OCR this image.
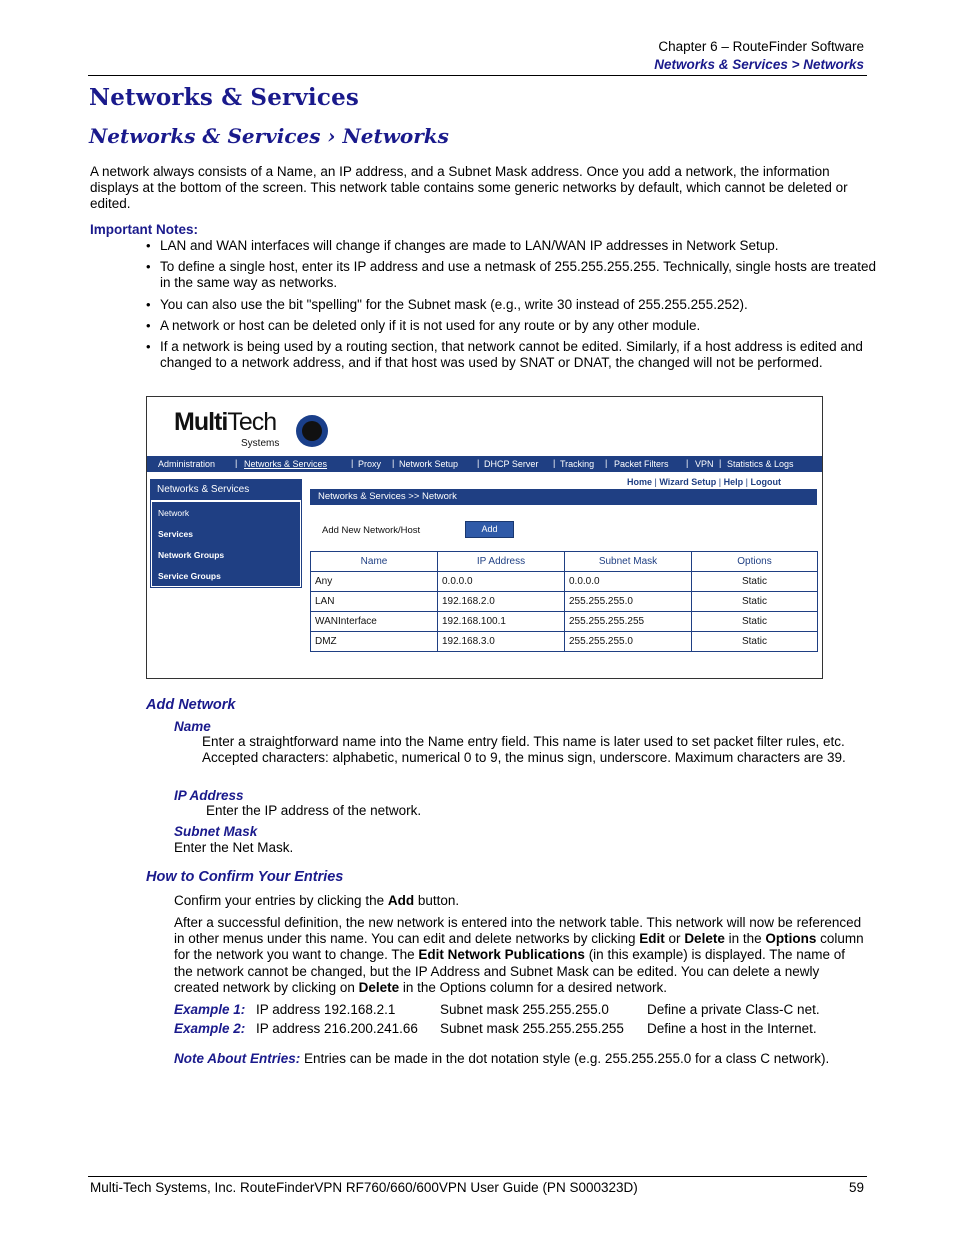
Chapter 6 – RouteFinder Software
Networks & Services > Networks
Networks & Services
Networks & Services › Networks
A network always consists of a Name, an IP address, and a Subnet Mask address. Once you add a network, the information displays at the bottom of the screen. This network table contains some generic networks by default, which cannot be deleted or edited.
Important Notes:
• LAN and WAN interfaces will change if changes are made to LAN/WAN IP addresses in Network Setup.
• To define a single host, enter its IP address and use a netmask of 255.255.255.255. Technically, single hosts are treated in the same way as networks.
• You can also use the bit "spelling" for the Subnet mask (e.g., write 30 instead of 255.255.255.252).
• A network or host can be deleted only if it is not used for any route or by any other module.
• If a network is being used by a routing section, that network cannot be edited. Similarly, if a host address is edited and changed to a network address, and if that host was used by SNAT or DNAT, the changed will not be performed.
MultiTech
Systems
Administration | Networks & Services	| Proxy | Network Setup | DHCP Server | Tracking | Packet Filters | VPN | Statistics & Logs
Networks & Services
Network
Services
Network Groups
Service Groups
Home | Wizard Setup | Help | Logout
Networks & Services >> Network
Add New Network/Host	Add
Name	IP Address	Subnet Mask	Options
Any	0.0.0.0	0.0.0.0	Static
LAN	192.168.2.0	255.255.255.0	Static
WANInterface	192.168.100.1	255.255.255.255	Static
DMZ	192.168.3.0	255.255.255.0	Static
Add Network
Name
Enter a straightforward name into the Name entry field. This name is later used to set packet filter rules, etc. Accepted characters: alphabetic, numerical 0 to 9, the minus sign, underscore. Maximum characters are 39.
IP Address
Enter the IP address of the network.
Subnet Mask
Enter the Net Mask.
How to Confirm Your Entries
Confirm your entries by clicking the Add button.
After a successful definition, the new network is entered into the network table. This network will now be referenced in other menus under this name. You can edit and delete networks by clicking Edit or Delete in the Options column for the network you want to change. The Edit Network Publications (in this example) is displayed. The name of the network cannot be changed, but the IP Address and Subnet Mask can be edited. You can delete a newly created network by clicking on Delete in the Options column for a desired network.
Example 1: IP address 192.168.2.1	Subnet mask 255.255.255.0	Define a private Class-C net.
Example 2: IP address 216.200.241.66 Subnet mask 255.255.255.255 Define a host in the Internet.
Note About Entries: Entries can be made in the dot notation style (e.g. 255.255.255.0 for a class C network).
Multi-Tech Systems, Inc. RouteFinderVPN RF760/660/600VPN User Guide (PN S000323D)	59
